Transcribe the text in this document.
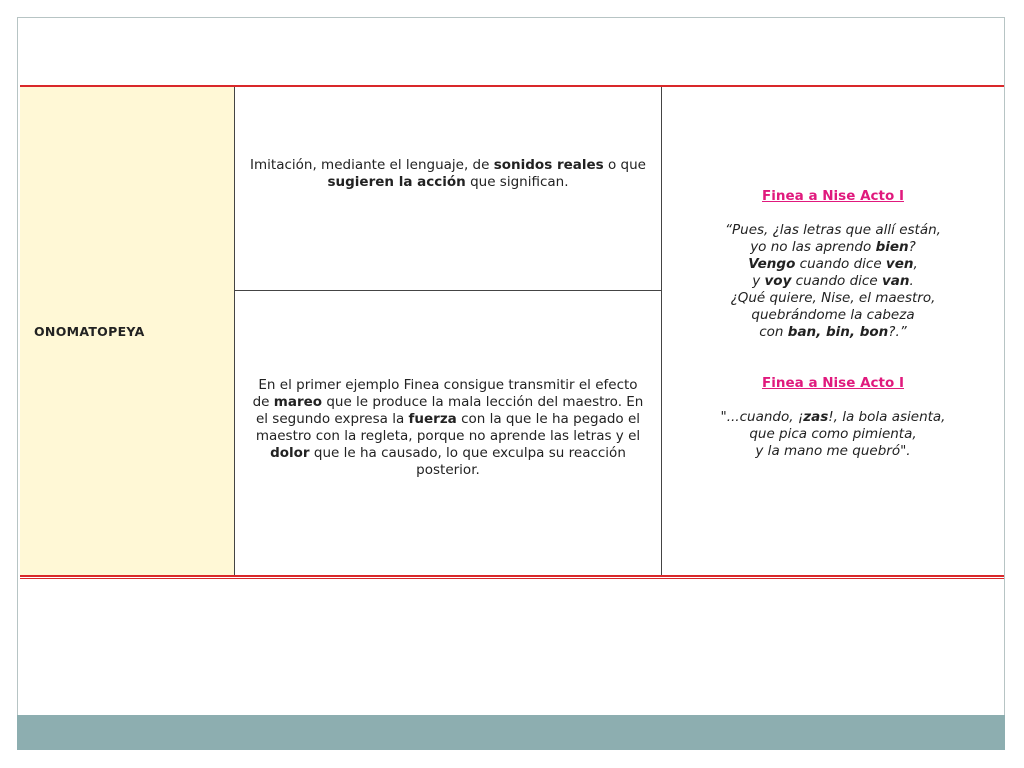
ONOMATOPEYA
Imitación, mediante el lenguaje, de sonidos reales o que
sugieren la acción que significan.
En el primer ejemplo Finea consigue transmitir el efecto
de mareo que le produce la mala lección del maestro. En
el segundo expresa la fuerza con la que le ha pegado el
maestro con la regleta, porque no aprende las letras y el
dolor que le ha causado, lo que exculpa su reacción
posterior.
Finea a Nise Acto I
“Pues, ¿las letras que allí están,
yo no las aprendo bien?
Vengo cuando dice ven,
y voy cuando dice van.
¿Qué quiere, Nise, el maestro,
quebrándome la cabeza
con ban, bin, bon?.”
Finea a Nise Acto I
"...cuando, ¡zas!, la bola asienta,
que pica como pimienta,
y la mano me quebró".
